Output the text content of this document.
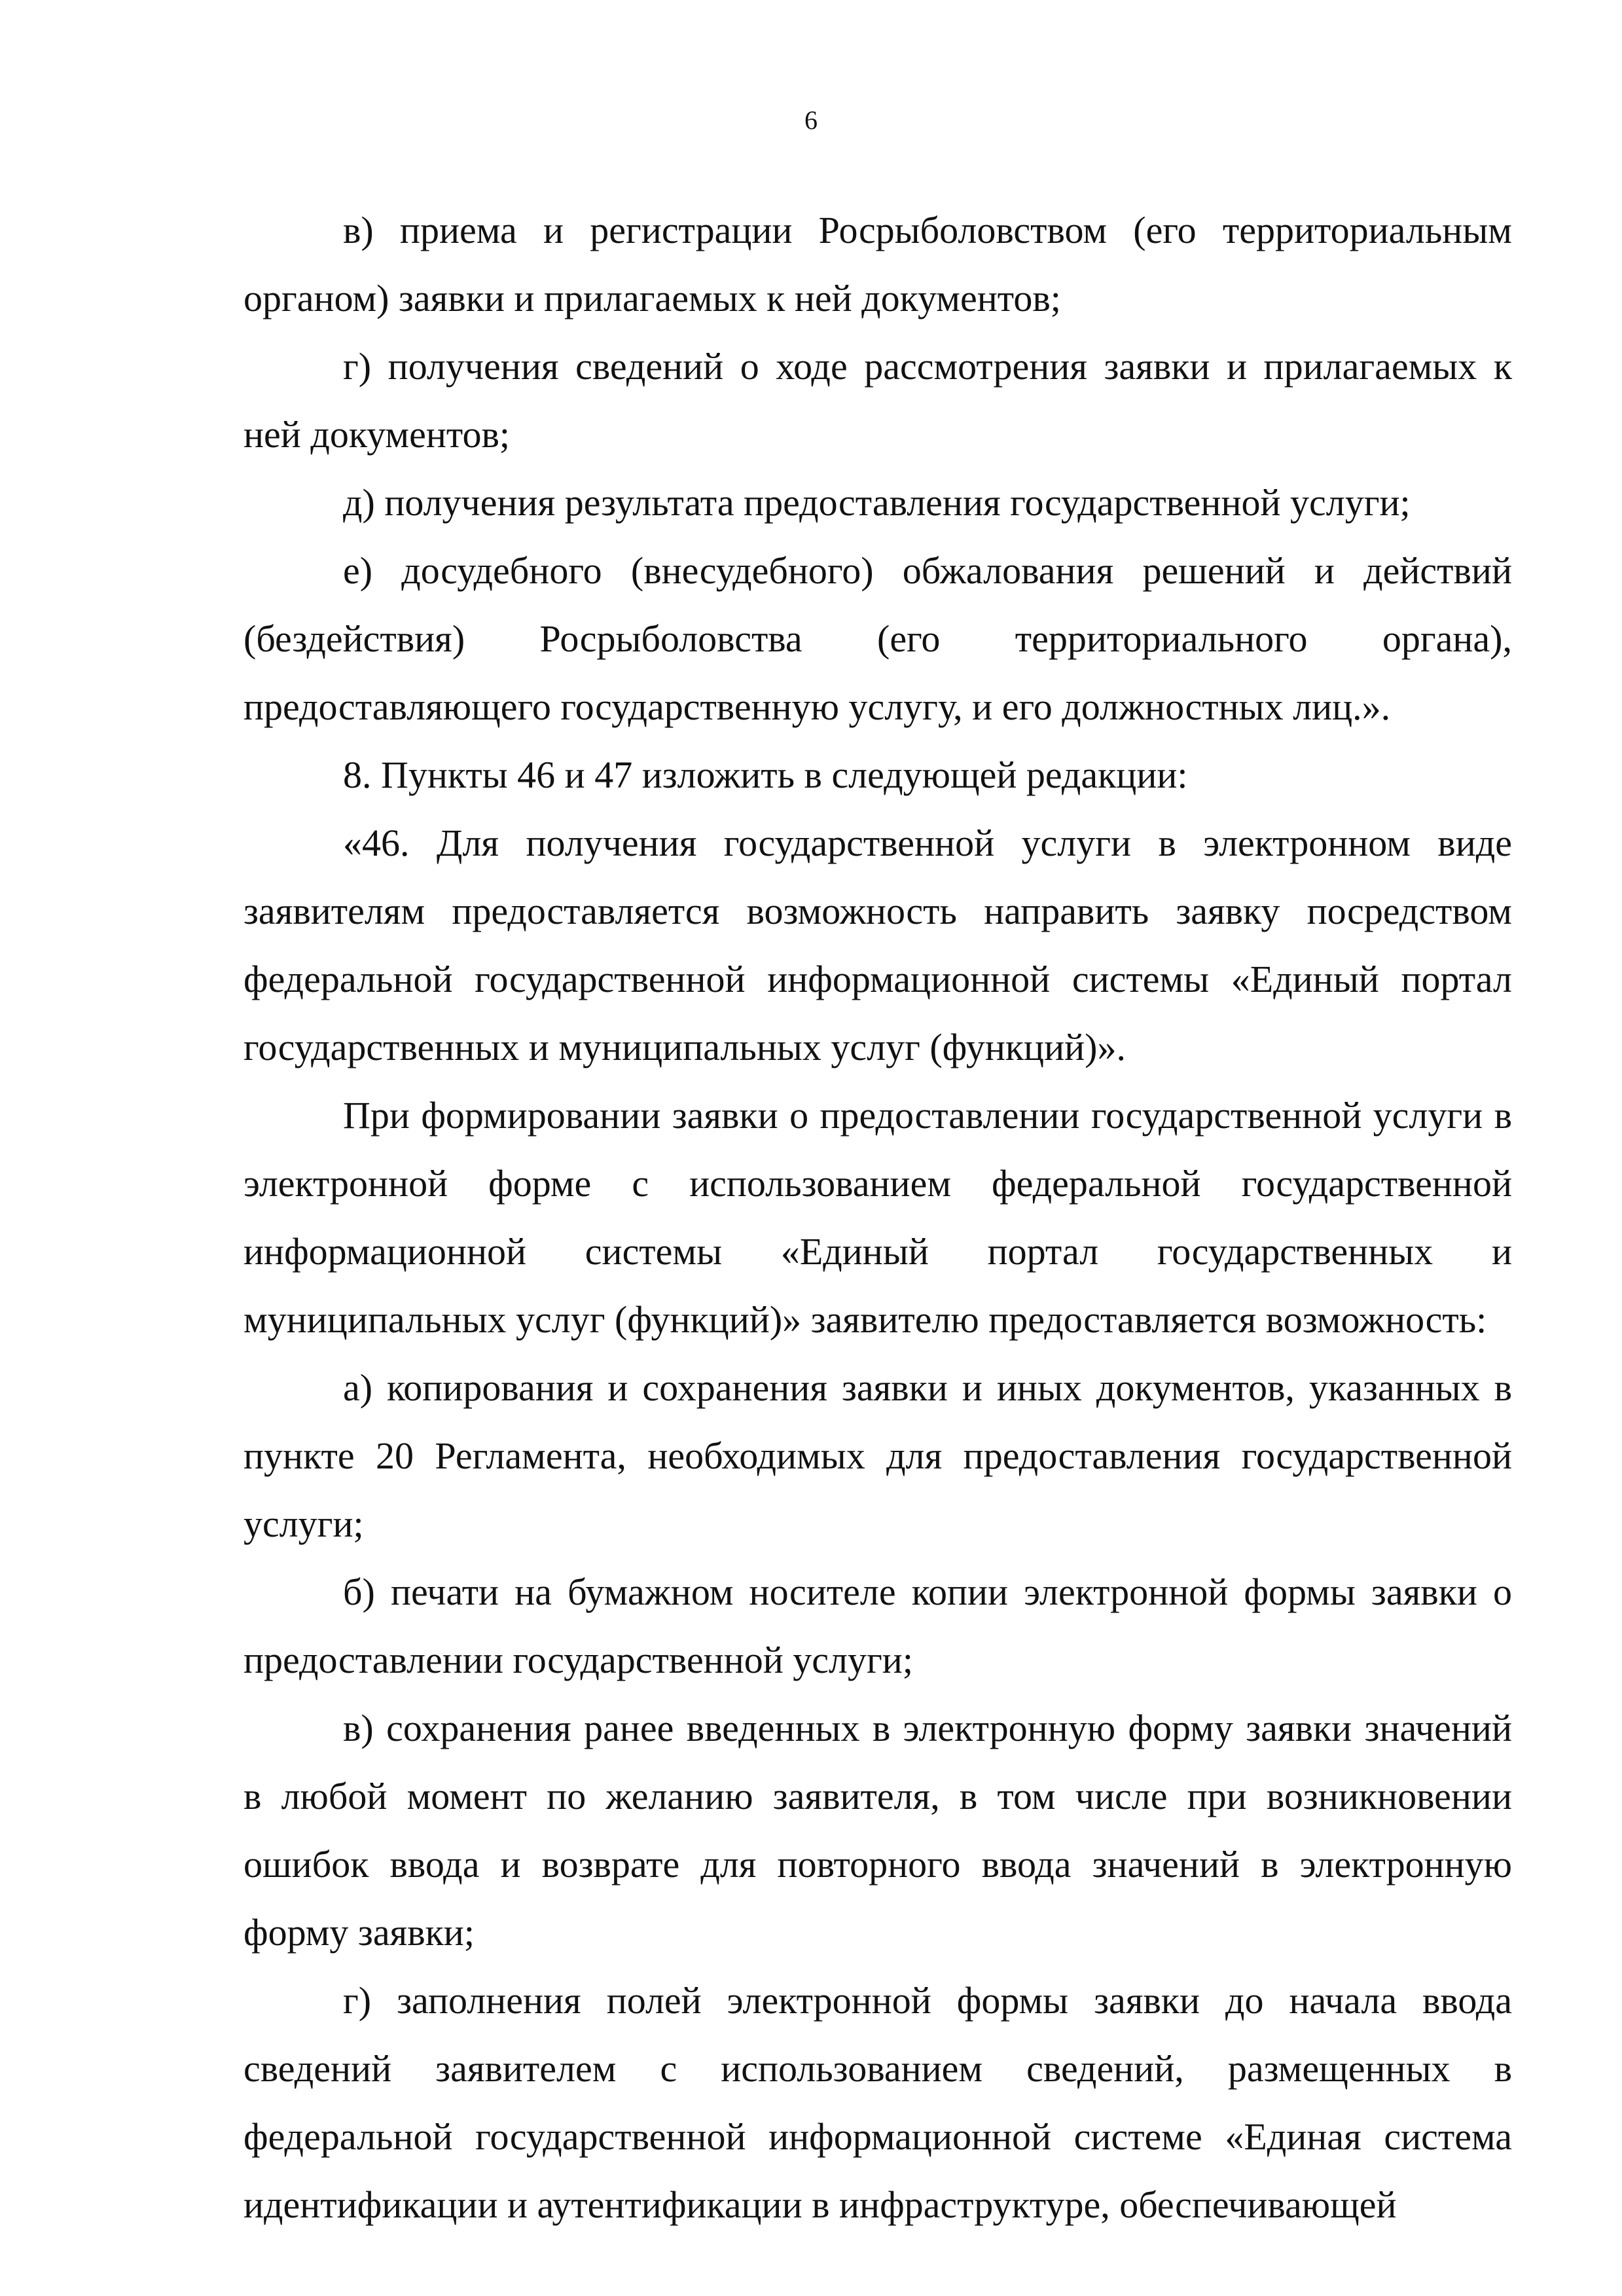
6

в) приема и регистрации Росрыболовством (его территориальным органом) заявки и прилагаемых к ней документов;

г) получения сведений о ходе рассмотрения заявки и прилагаемых к ней документов;

д) получения результата предоставления государственной услуги;

е) досудебного (внесудебного) обжалования решений и действий (бездействия) Росрыболовства (его территориального органа), предоставляющего государственную услугу, и его должностных лиц.».

8. Пункты 46 и 47 изложить в следующей редакции:

«46. Для получения государственной услуги в электронном виде заявителям предоставляется возможность направить заявку посредством федеральной государственной информационной системы «Единый портал государственных и муниципальных услуг (функций)».

При формировании заявки о предоставлении государственной услуги в электронной форме с использованием федеральной государственной информационной системы «Единый портал государственных и муниципальных услуг (функций)» заявителю предоставляется возможность:

а) копирования и сохранения заявки и иных документов, указанных в пункте 20 Регламента, необходимых для предоставления государственной услуги;

б) печати на бумажном носителе копии электронной формы заявки о предоставлении государственной услуги;

в) сохранения ранее введенных в электронную форму заявки значений в любой момент по желанию заявителя, в том числе при возникновении ошибок ввода и возврате для повторного ввода значений в электронную форму заявки;

г) заполнения полей электронной формы заявки до начала ввода сведений заявителем с использованием сведений, размещенных в федеральной государственной информационной системе «Единая система идентификации и аутентификации в инфраструктуре, обеспечивающей
